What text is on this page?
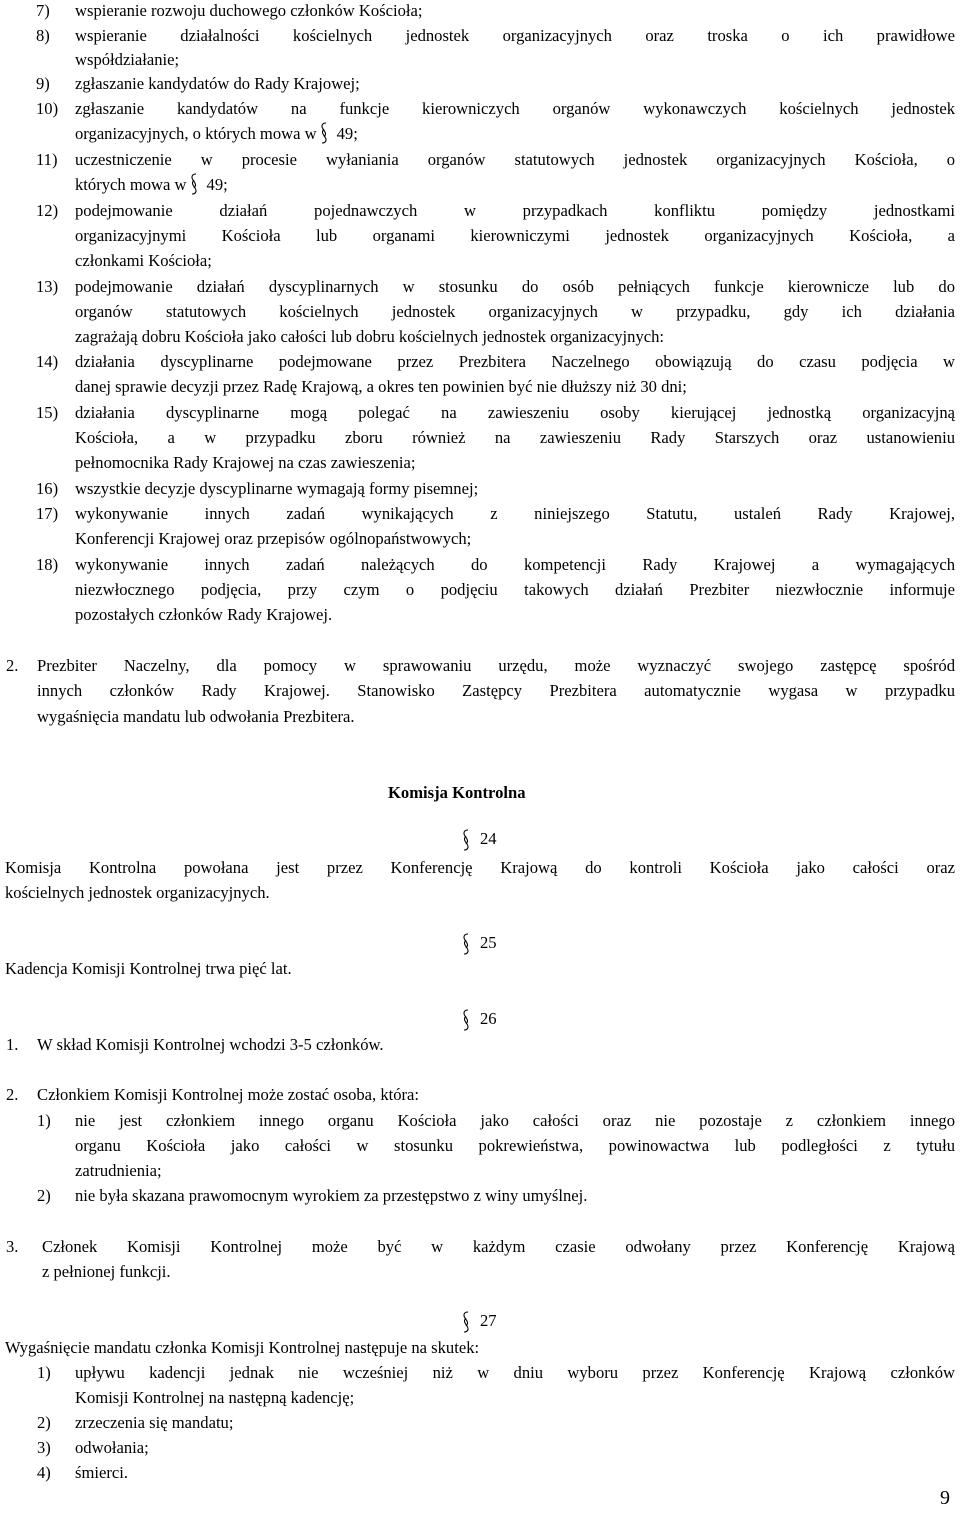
7) wspieranie rozwoju duchowego członków Kościoła;
8) wspieranie działalności kościelnych jednostek organizacyjnych oraz troska o ich prawidłowe
współdziałanie;
9) zgłaszanie kandydatów do Rady Krajowej;
10) zgłaszanie kandydatów na funkcje kierowniczych organów wykonawczych kościelnych jednostek
organizacyjnych, o których mowa w 49;
11) uczestniczenie w procesie wyłaniania organów statutowych jednostek organizacyjnych Kościoła, o
których mowa w 49;
12) podejmowanie działań pojednawczych w przypadkach konfliktu pomiędzy jednostkami
organizacyjnymi Kościoła lub organami kierowniczymi jednostek organizacyjnych Kościoła, a
członkami Kościoła;
13) podejmowanie działań dyscyplinarnych w stosunku do osób pełniących funkcje kierownicze lub do
organów statutowych kościelnych jednostek organizacyjnych w przypadku, gdy ich działania
zagrażają dobru Kościoła jako całości lub dobru kościelnych jednostek organizacyjnych:
14) działania dyscyplinarne podejmowane przez Prezbitera Naczelnego obowiązują do czasu podjęcia w
danej sprawie decyzji przez Radę Krajową, a okres ten powinien być nie dłuższy niż 30 dni;
15) działania dyscyplinarne mogą polegać na zawieszeniu osoby kierującej jednostką organizacyjną
Kościoła, a w przypadku zboru również na zawieszeniu Rady Starszych oraz ustanowieniu
pełnomocnika Rady Krajowej na czas zawieszenia;
16) wszystkie decyzje dyscyplinarne wymagają formy pisemnej;
17) wykonywanie innych zadań wynikających z niniejszego Statutu, ustaleń Rady Krajowej,
Konferencji Krajowej oraz przepisów ogólnopaństwowych;
18) wykonywanie innych zadań należących do kompetencji Rady Krajowej a wymagających
niezwłocznego podjęcia, przy czym o podjęciu takowych działań Prezbiter niezwłocznie informuje
pozostałych członków Rady Krajowej.
2. Prezbiter Naczelny, dla pomocy w sprawowaniu urzędu, może wyznaczyć swojego zastępcę spośród
innych członków Rady Krajowej. Stanowisko Zastępcy Prezbitera automatycznie wygasa w przypadku
wygaśnięcia mandatu lub odwołania Prezbitera.
Komisja Kontrolna
24
Komisja Kontrolna powołana jest przez Konferencję Krajową do kontroli Kościoła jako całości oraz
kościelnych jednostek organizacyjnych.
25
Kadencja Komisji Kontrolnej trwa pięć lat.
26
1. W skład Komisji Kontrolnej wchodzi 3-5 członków.
2. Członkiem Komisji Kontrolnej może zostać osoba, która:
1) nie jest członkiem innego organu Kościoła jako całości oraz nie pozostaje z członkiem innego
organu Kościoła jako całości w stosunku pokrewieństwa, powinowactwa lub podległości z tytułu
zatrudnienia;
2) nie była skazana prawomocnym wyrokiem za przestępstwo z winy umyślnej.
3. Członek Komisji Kontrolnej może być w każdym czasie odwołany przez Konferencję Krajową
z pełnionej funkcji.
27
Wygaśnięcie mandatu członka Komisji Kontrolnej następuje na skutek:
1) upływu kadencji jednak nie wcześniej niż w dniu wyboru przez Konferencję Krajową członków
Komisji Kontrolnej na następną kadencję;
2) zrzeczenia się mandatu;
3) odwołania;
4) śmierci.
9
